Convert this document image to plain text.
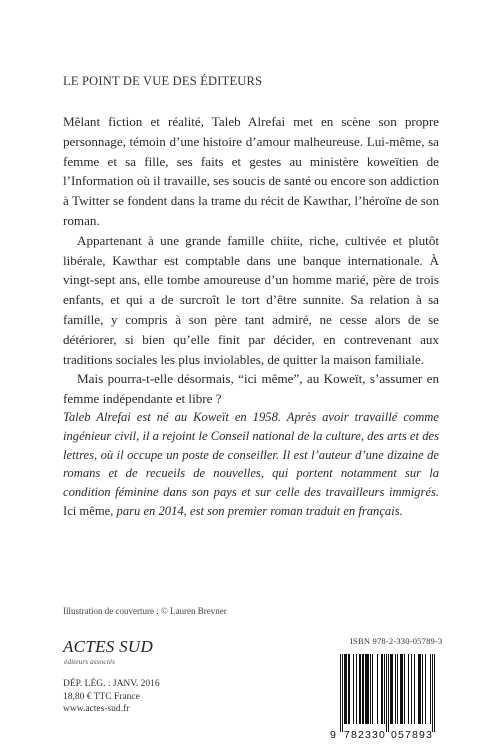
LE POINT DE VUE DES ÉDITEURS

Mêlant fiction et réalité, Taleb Alrefai met en scène son propre personnage, témoin d’une histoire d’amour malheureuse. Lui-même, sa femme et sa fille, ses faits et gestes au ministère koweïtien de l’Information où il travaille, ses soucis de santé ou encore son addiction à Twitter se fondent dans la trame du récit de Kawthar, l’héroïne de son roman.

Appartenant à une grande famille chiite, riche, cultivée et plutôt libérale, Kawthar est comptable dans une banque internationale. À vingt-sept ans, elle tombe amoureuse d’un homme marié, père de trois enfants, et qui a de surcroît le tort d’être sunnite. Sa relation à sa famille, y compris à son père tant admiré, ne cesse alors de se détériorer, si bien qu’elle finit par décider, en contrevenant aux traditions sociales les plus inviolables, de quitter la maison familiale.

Mais pourra-t-elle désormais, “ici même”, au Koweït, s’assumer en femme indépendante et libre ?

Taleb Alrefai est né au Koweït en 1958. Après avoir travaillé comme ingénieur civil, il a rejoint le Conseil national de la culture, des arts et des lettres, où il occupe un poste de conseiller. Il est l’auteur d’une dizaine de romans et de recueils de nouvelles, qui portent notamment sur la condition féminine dans son pays et sur celle des travailleurs immigrés. Ici même, paru en 2014, est son premier roman traduit en français.

Illustration de couverture : © Lauren Brevner
ACTES SUD
éditeurs associés
DÉP. LÉG. : JANV. 2016
18,80 € TTC France
www.actes-sud.fr
ISBN 978-2-330-05789-3
9 7 8 2 3 3 0 0 5 7 8 9 3
